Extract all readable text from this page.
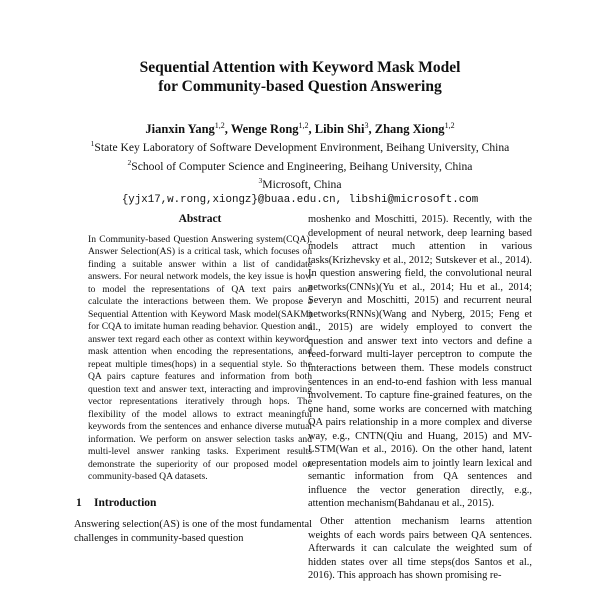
Sequential Attention with Keyword Mask Model
for Community-based Question Answering
Jianxin Yang$^{1,2}$, Wenge Rong$^{1,2}$, Libin Shi$^3$, Zhang Xiong$^{1,2}$
$^1$State Key Laboratory of Software Development Environment, Beihang University, China
$^2$School of Computer Science and Engineering, Beihang University, China
$^3$Microsoft, China
{yjx17,w.rong,xiongz}@buaa.edu.cn, libshi@microsoft.com
Abstract

In Community-based Question Answering system(CQA), Answer Selection(AS) is a critical task, which focuses on finding a suitable answer within a list of candidate answers. For neural network models, the key issue is how to model the representations of QA text pairs and calculate the interactions between them. We propose a Sequential Attention with Keyword Mask model(SAKM) for CQA to imitate human reading behavior. Question and answer text regard each other as context within keyword-mask attention when encoding the representations, and repeat multiple times(hops) in a sequential style. So the QA pairs capture features and information from both question text and answer text, interacting and improving vector representations iteratively through hops. The flexibility of the model allows to extract meaningful keywords from the sentences and enhance diverse mutual information. We perform on answer selection tasks and multi-level answer ranking tasks. Experiment results demonstrate the superiority of our proposed model on community-based QA datasets.

1 Introduction

Answering selection(AS) is one of the most fundamental challenges in community-based question

moshenko and Moschitti, 2015). Recently, with the development of neural network, deep learning based models attract much attention in various tasks(Krizhevsky et al., 2012; Sutskever et al., 2014). In question answering field, the convolutional neural networks(CNNs)(Yu et al., 2014; Hu et al., 2014; Severyn and Moschitti, 2015) and recurrent neural networks(RNNs)(Wang and Nyberg, 2015; Feng et al., 2015) are widely employed to convert the question and answer text into vectors and define a feed-forward multi-layer perceptron to compute the interactions between them. These models construct sentences in an end-to-end fashion with less manual involvement. To capture fine-grained features, on the one hand, some works are concerned with matching QA pairs relationship in a more complex and diverse way, e.g., CNTN(Qiu and Huang, 2015) and MV-LSTM(Wan et al., 2016). On the other hand, latent representation models aim to jointly learn lexical and semantic information from QA sentences and influence the vector generation directly, e.g., attention mechanism(Bahdanau et al., 2015).

Other attention mechanism learns attention weights of each words pairs between QA sentences. Afterwards it can calculate the weighted sum of hidden states over all time steps(dos Santos et al., 2016). This approach has shown promising re-
